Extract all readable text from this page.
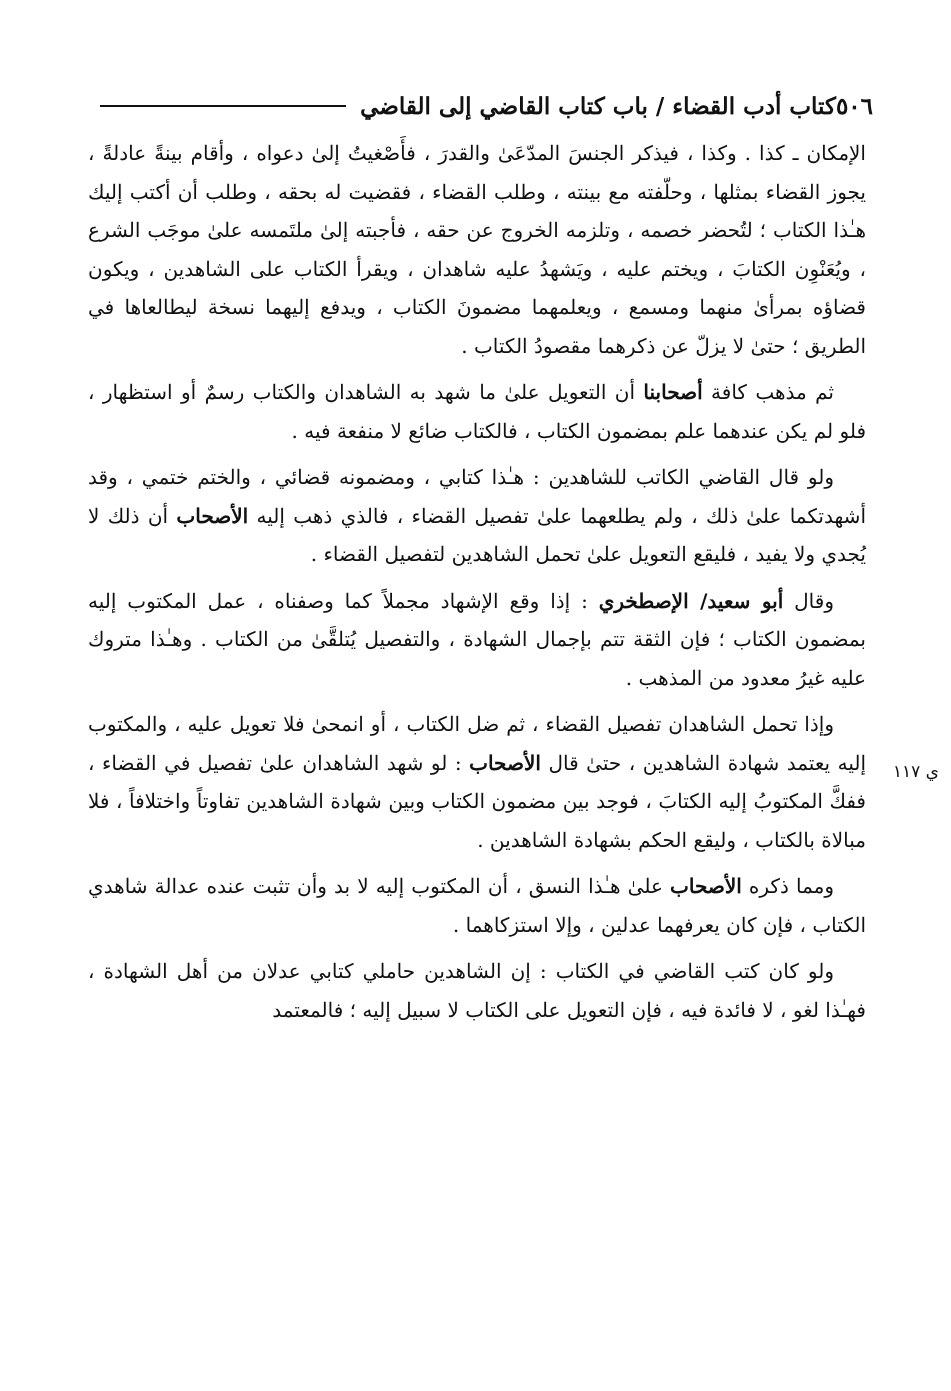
٥٠٦
كتاب أدب القضاء / باب كتاب القاضي إلى القاضي
ي ١١٧

الإمكان ـ كذا . وكذا ، فيذكر الجنسَ المدّعَىٰ والقدرَ ، فأَصْغيتُ إلىٰ دعواه ، وأقام بينةً عادلةً ، يجوز القضاء بمثلها ، وحلّفته مع بينته ، وطلب القضاء ، فقضيت له بحقه ، وطلب أن أكتب إليك هـٰذا الكتاب ؛ لتُحضر خصمه ، وتلزمه الخروج عن حقه ، فأجبته إلىٰ ملتَمسه علىٰ موجَب الشرع ، ويُعَنْوِن الكتابَ ، ويختم عليه ، ويَشهدُ عليه شاهدان ، ويقرأ الكتاب على الشاهدين ، ويكون قضاؤه بمرأىٰ منهما ومسمع ، ويعلمهما مضمونَ الكتاب ، ويدفع إليهما نسخة ليطالعاها في الطريق ؛ حتىٰ لا يزلّ عن ذكرهما مقصودُ الكتاب .

ثم مذهب كافة أصحابنا أن التعويل علىٰ ما شهد به الشاهدان والكتاب رسمٌ أو استظهار ، فلو لم يكن عندهما علم بمضمون الكتاب ، فالكتاب ضائع لا منفعة فيه .

ولو قال القاضي الكاتب للشاهدين : هـٰذا كتابي ، ومضمونه قضائي ، والختم ختمي ، وقد أشهدتكما علىٰ ذلك ، ولم يطلعهما علىٰ تفصيل القضاء ، فالذي ذهب إليه الأصحاب أن ذلك لا يُجدي ولا يفيد ، فليقع التعويل علىٰ تحمل الشاهدين لتفصيل القضاء .

وقال أبو سعيد/ الإصطخري : إذا وقع الإشهاد مجملاً كما وصفناه ، عمل المكتوب إليه بمضمون الكتاب ؛ فإن الثقة تتم بإجمال الشهادة ، والتفصيل يُتلقَّىٰ من الكتاب . وهـٰذا متروك عليه غيرُ معدود من المذهب .

وإذا تحمل الشاهدان تفصيل القضاء ، ثم ضل الكتاب ، أو انمحىٰ فلا تعويل عليه ، والمكتوب إليه يعتمد شهادة الشاهدين ، حتىٰ قال الأصحاب : لو شهد الشاهدان علىٰ تفصيل في القضاء ، ففكَّ المكتوبُ إليه الكتابَ ، فوجد بين مضمون الكتاب وبين شهادة الشاهدين تفاوتاً واختلافاً ، فلا مبالاة بالكتاب ، وليقع الحكم بشهادة الشاهدين .

ومما ذكره الأصحاب علىٰ هـٰذا النسق ، أن المكتوب إليه لا بد وأن تثبت عنده عدالة شاهدي الكتاب ، فإن كان يعرفهما عدلين ، وإلا استزكاهما .

ولو كان كتب القاضي في الكتاب : إن الشاهدين حاملي كتابي عدلان من أهل الشهادة ، فهـٰذا لغو ، لا فائدة فيه ، فإن التعويل على الكتاب لا سبيل إليه ؛ فالمعتمد
